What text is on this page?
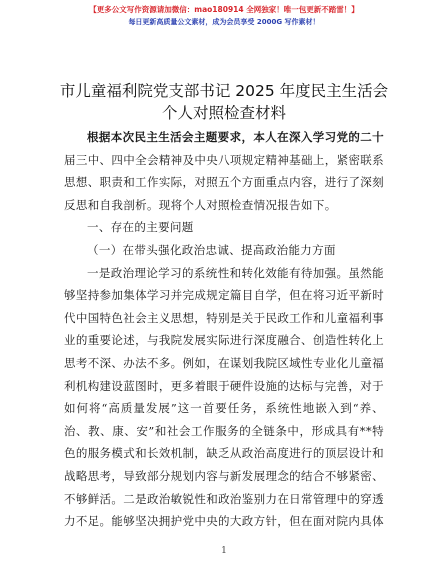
【更多公文写作资源请加微信：mao180914 全网独家！唯一包更新不踏雷！】
每日更新高质量公文素材，成为会员享受 2000G 写作素材！
市儿童福利院党支部书记 2025 年度民主生活会
个人对照检查材料

根据本次民主生活会主题要求，本人在深入学习党的二十届三中、四中全会精神及中央八项规定精神基础上，紧密联系思想、职责和工作实际，对照五个方面重点内容，进行了深刻反思和自我剖析。现将个人对照检查情况报告如下。

一、存在的主要问题

（一）在带头强化政治忠诚、提高政治能力方面

一是政治理论学习的系统性和转化效能有待加强。虽然能够坚持参加集体学习并完成规定篇目自学，但在将习近平新时代中国特色社会主义思想，特别是关于民政工作和儿童福利事业的重要论述，与我院发展实际进行深度融合、创造性转化上思考不深、办法不多。例如，在谋划我院区域性专业化儿童福利机构建设蓝图时，更多着眼于硬件设施的达标与完善，对于如何将“高质量发展”这一首要任务，系统性地嵌入到“养、治、教、康、安”和社会工作服务的全链条中，形成具有**特色的服务模式和长效机制，缺乏从政治高度进行的顶层设计和战略思考，导致部分规划内容与新发展理念的结合不够紧密、不够鲜活。二是政治敏锐性和政治鉴别力在日常管理中的穿透力不足。能够坚决拥护党中央的大政方针，但在面对院内具体

1
